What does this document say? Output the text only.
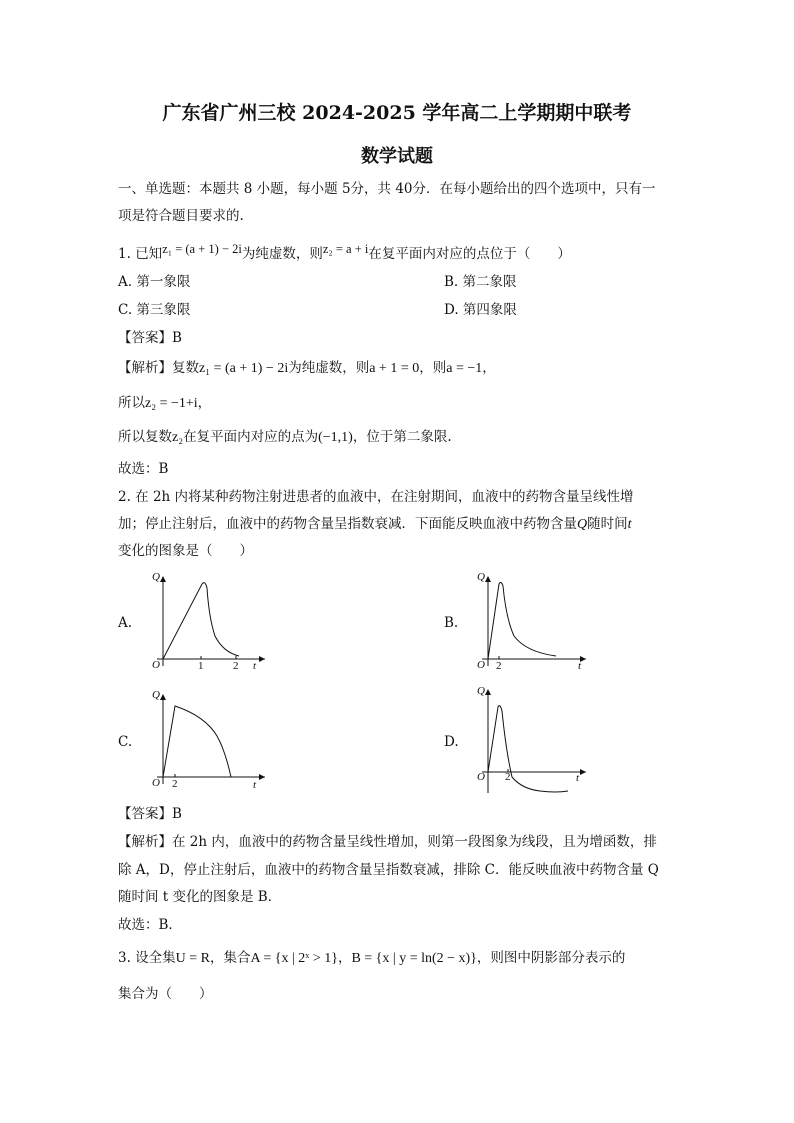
广东省广州三校 2024-2025 学年高二上学期期中联考
数学试题
一、单选题：本题共 8 小题，每小题 5分，共 40分．在每小题给出的四个选项中，只有一
项是符合题目要求的.
1. 已知z₁ = (a + 1) − 2i为纯虚数，则z₂ = a + i在复平面内对应的点位于（　　）
A. 第一象限	B. 第二象限
C. 第三象限	D. 第四象限
【答案】B
【解析】复数z₁ = (a + 1) − 2i为纯虚数，则a + 1 = 0，则a = −1，
所以z₂ = −1+i，
所以复数z₂在复平面内对应的点为(−1,1)，位于第二象限.
故选：B
2. 在 2h 内将某种药物注射进患者的血液中，在注射期间，血液中的药物含量呈线性增
加；停止注射后，血液中的药物含量呈指数衰减．下面能反映血液中药物含量Q随时间t
变化的图象是（　　）
A.
Q
O	1	2 t
B.
Q
O 2	t
C.
Q
O 2	t
D.
Q
O 2	t
【答案】B
【解析】在 2h 内，血液中的药物含量呈线性增加，则第一段图象为线段，且为增函数，排
除 A，D，停止注射后，血液中的药物含量呈指数衰减，排除 C．能反映血液中药物含量 Q
随时间 t 变化的图象是 B．
故选：B．
3. 设全集U = R，集合A = {x | 2ˣ > 1}，B = {x | y = ln(2 − x)}，则图中阴影部分表示的
集合为（　　）
